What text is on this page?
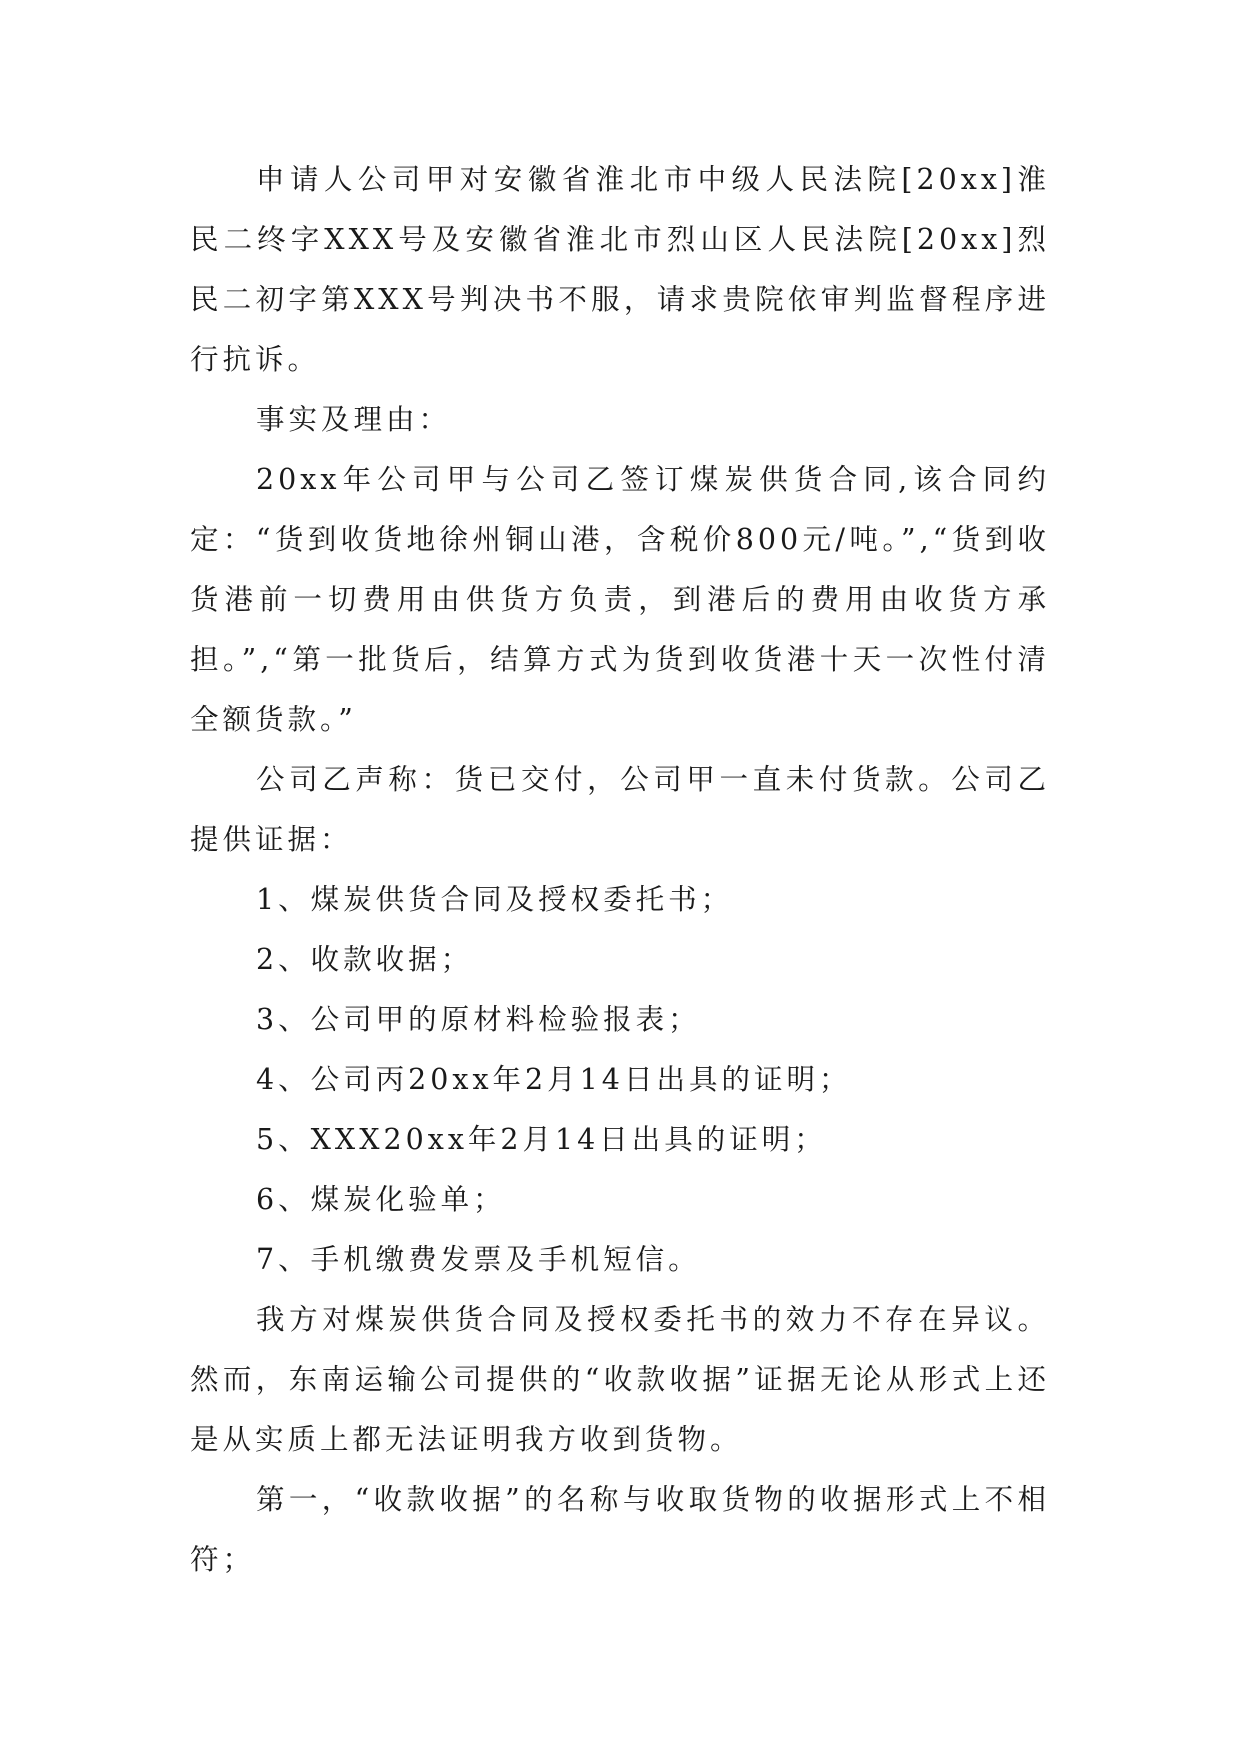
申请人公司甲对安徽省淮北市中级人民法院[20xx]淮民二终字XXX号及安徽省淮北市烈山区人民法院[20xx]烈民二初字第XXX号判决书不服，请求贵院依审判监督程序进行抗诉。

事实及理由：

20xx年公司甲与公司乙签订煤炭供货合同,该合同约定：“货到收货地徐州铜山港，含税价800元/吨。”,“货到收货港前一切费用由供货方负责，到港后的费用由收货方承担。”,“第一批货后，结算方式为货到收货港十天一次性付清全额货款。”

公司乙声称：货已交付，公司甲一直未付货款。公司乙提供证据：

1、煤炭供货合同及授权委托书；

2、收款收据；

3、公司甲的原材料检验报表；

4、公司丙20xx年2月14日出具的证明；

5、XXX20xx年2月14日出具的证明；

6、煤炭化验单；

7、手机缴费发票及手机短信。

我方对煤炭供货合同及授权委托书的效力不存在异议。然而，东南运输公司提供的“收款收据”证据无论从形式上还是从实质上都无法证明我方收到货物。

第一，“收款收据”的名称与收取货物的收据形式上不相符；
